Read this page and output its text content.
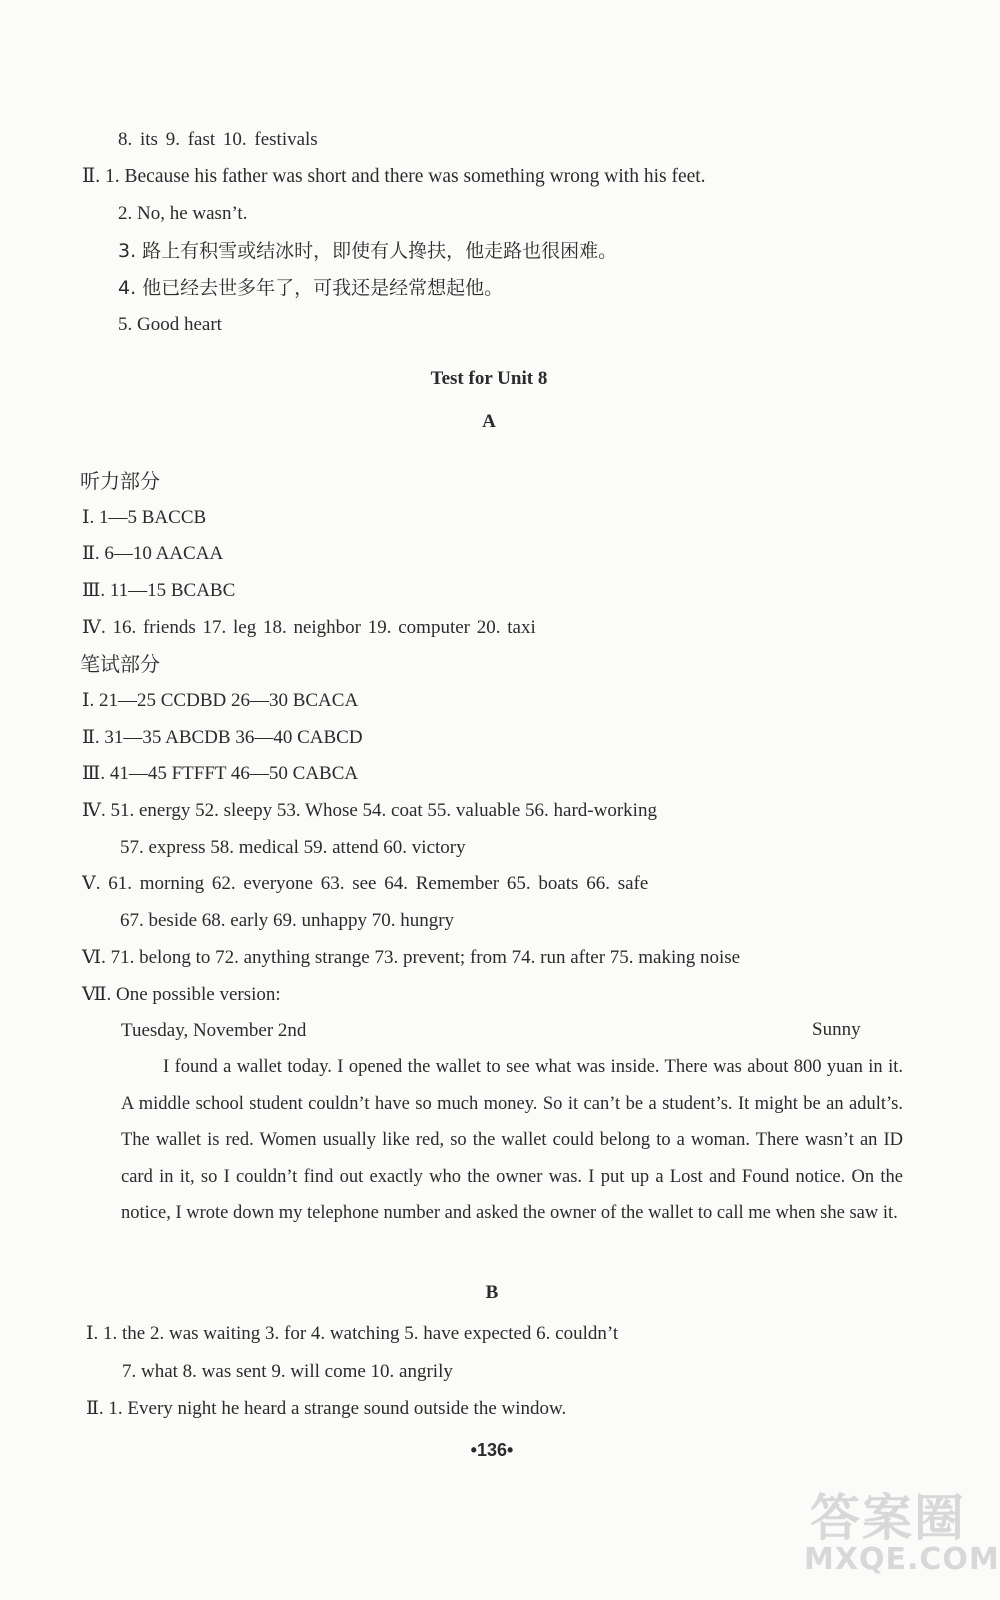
8. its 9. fast 10. festivals
Ⅱ. 1. Because his father was short and there was something wrong with his feet.
2. No, he wasn’t.
3. 路上有积雪或结冰时，即使有人搀扶，他走路也很困难。
4. 他已经去世多年了，可我还是经常想起他。
5. Good heart
Test for Unit 8
A
听力部分
Ⅰ. 1—5 BACCB
Ⅱ. 6—10 AACAA
Ⅲ. 11—15 BCABC
Ⅳ. 16. friends 17. leg 18. neighbor 19. computer 20. taxi
笔试部分
Ⅰ. 21—25 CCDBD 26—30 BCACA
Ⅱ. 31—35 ABCDB 36—40 CABCD
Ⅲ. 41—45 FTFFT 46—50 CABCA
Ⅳ. 51. energy 52. sleepy 53. Whose 54. coat 55. valuable 56. hard-working
57. express 58. medical 59. attend 60. victory
Ⅴ. 61. morning 62. everyone 63. see 64. Remember 65. boats 66. safe
67. beside 68. early 69. unhappy 70. hungry
Ⅵ. 71. belong to 72. anything strange 73. prevent; from 74. run after 75. making noise
Ⅶ. One possible version:
Tuesday, November 2nd	Sunny
I found a wallet today. I opened the wallet to see what was inside. There was about 800 yuan in it. A middle school student couldn’t have so much money. So it can’t be a student’s. It might be an adult’s. The wallet is red. Women usually like red, so the wallet could belong to a woman. There wasn’t an ID card in it, so I couldn’t find out exactly who the owner was. I put up a Lost and Found notice. On the notice, I wrote down my telephone number and asked the owner of the wallet to call me when she saw it.
B
Ⅰ. 1. the 2. was waiting 3. for 4. watching 5. have expected 6. couldn’t
7. what 8. was sent 9. will come 10. angrily
Ⅱ. 1. Every night he heard a strange sound outside the window.
•136•
答案圈
MXQE.COM
